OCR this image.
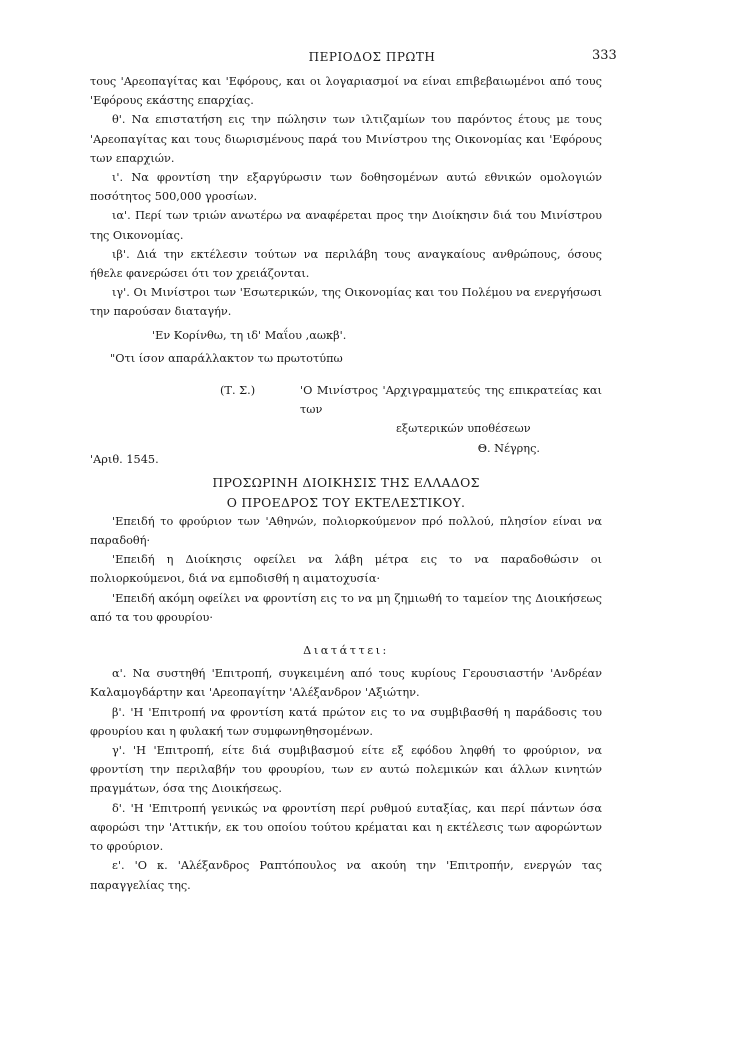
ΠΕΡΙΟΔΟΣ ΠΡΩΤΗ	333

τους 'Αρεοπαγίτας και 'Εφόρους, και οι λογαριασμοί να είναι επιβεβαιωμένοι από τους 'Εφόρους εκάστης επαρχίας.

θ'. Να επιστατήση εις την πώλησιν των ιλτιζαμίων του παρόντος έτους με τους 'Αρεοπαγίτας και τους διωρισμένους παρά του Μινίστρου της Οικονομίας και 'Εφόρους των επαρχιών.

ι'. Να φροντίση την εξαργύρωσιν των δοθησομένων αυτώ εθνικών ομολογιών ποσότητος 500,000 γροσίων.

ια'. Περί των τριών ανωτέρω να αναφέρεται προς την Διοίκησιν διά του Μινίστρου της Οικονομίας.

ιβ'. Διά την εκτέλεσιν τούτων να περιλάβη τους αναγκαίους ανθρώπους, όσους ήθελε φανερώσει ότι τον χρειάζονται.

ιγ'. Οι Μινίστροι των 'Εσωτερικών, της Οικονομίας και του Πολέμου να ενεργήσωσι την παρούσαν διαταγήν.

'Εν Κορίνθω, τη ιδ' Μαΐου ,αωκβ'.

"Οτι ίσον απαράλλακτον τω πρωτοτύπω

(Τ. Σ.)	'Ο Μινίστρος 'Αρχιγραμματεύς της επικρατείας και των
εξωτερικών υποθέσεων
Θ. Νέγρης.

'Αριθ. 1545.

ΠΡΟΣΩΡΙΝΗ ΔΙΟΙΚΗΣΙΣ ΤΗΣ ΕΛΛΑΔΟΣ

Ο ΠΡΟΕΔΡΟΣ ΤΟΥ ΕΚΤΕΛΕΣΤΙΚΟΥ.

'Επειδή το φρούριον των 'Αθηνών, πολιορκούμενον πρό πολλού, πλησίον είναι να παραδοθή·

'Επειδή η Διοίκησις οφείλει να λάβη μέτρα εις το να παραδοθώσιν οι πολιορκούμενοι, διά να εμποδισθή η αιματοχυσία·

'Επειδή ακόμη οφείλει να φροντίση εις το να μη ζημιωθή το ταμείον της Διοικήσεως από τα του φρουρίου·

Διατάττει:

α'. Να συστηθή 'Επιτροπή, συγκειμένη από τους κυρίους Γερουσιαστήν 'Ανδρέαν Καλαμογδάρτην και 'Αρεοπαγίτην 'Αλέξανδρον 'Αξιώτην.

β'. 'Η 'Επιτροπή να φροντίση κατά πρώτον εις το να συμβιβασθή η παράδοσις του φρουρίου και η φυλακή των συμφωνηθησομένων.

γ'. 'Η 'Επιτροπή, είτε διά συμβιβασμού είτε εξ εφόδου ληφθή το φρούριον, να φροντίση την περιλαβήν του φρουρίου, των εν αυτώ πολεμικών και άλλων κινητών πραγμάτων, όσα της Διοικήσεως.

δ'. 'Η 'Επιτροπή γενικώς να φροντίση περί ρυθμού ευταξίας, και περί πάντων όσα αφορώσι την 'Αττικήν, εκ του οποίου τούτου κρέμαται και η εκτέλεσις των αφορώντων το φρούριον.

ε'. 'Ο κ. 'Αλέξανδρος Ραπτόπουλος να ακούη την 'Επιτροπήν, ενεργών τας παραγγελίας της.
